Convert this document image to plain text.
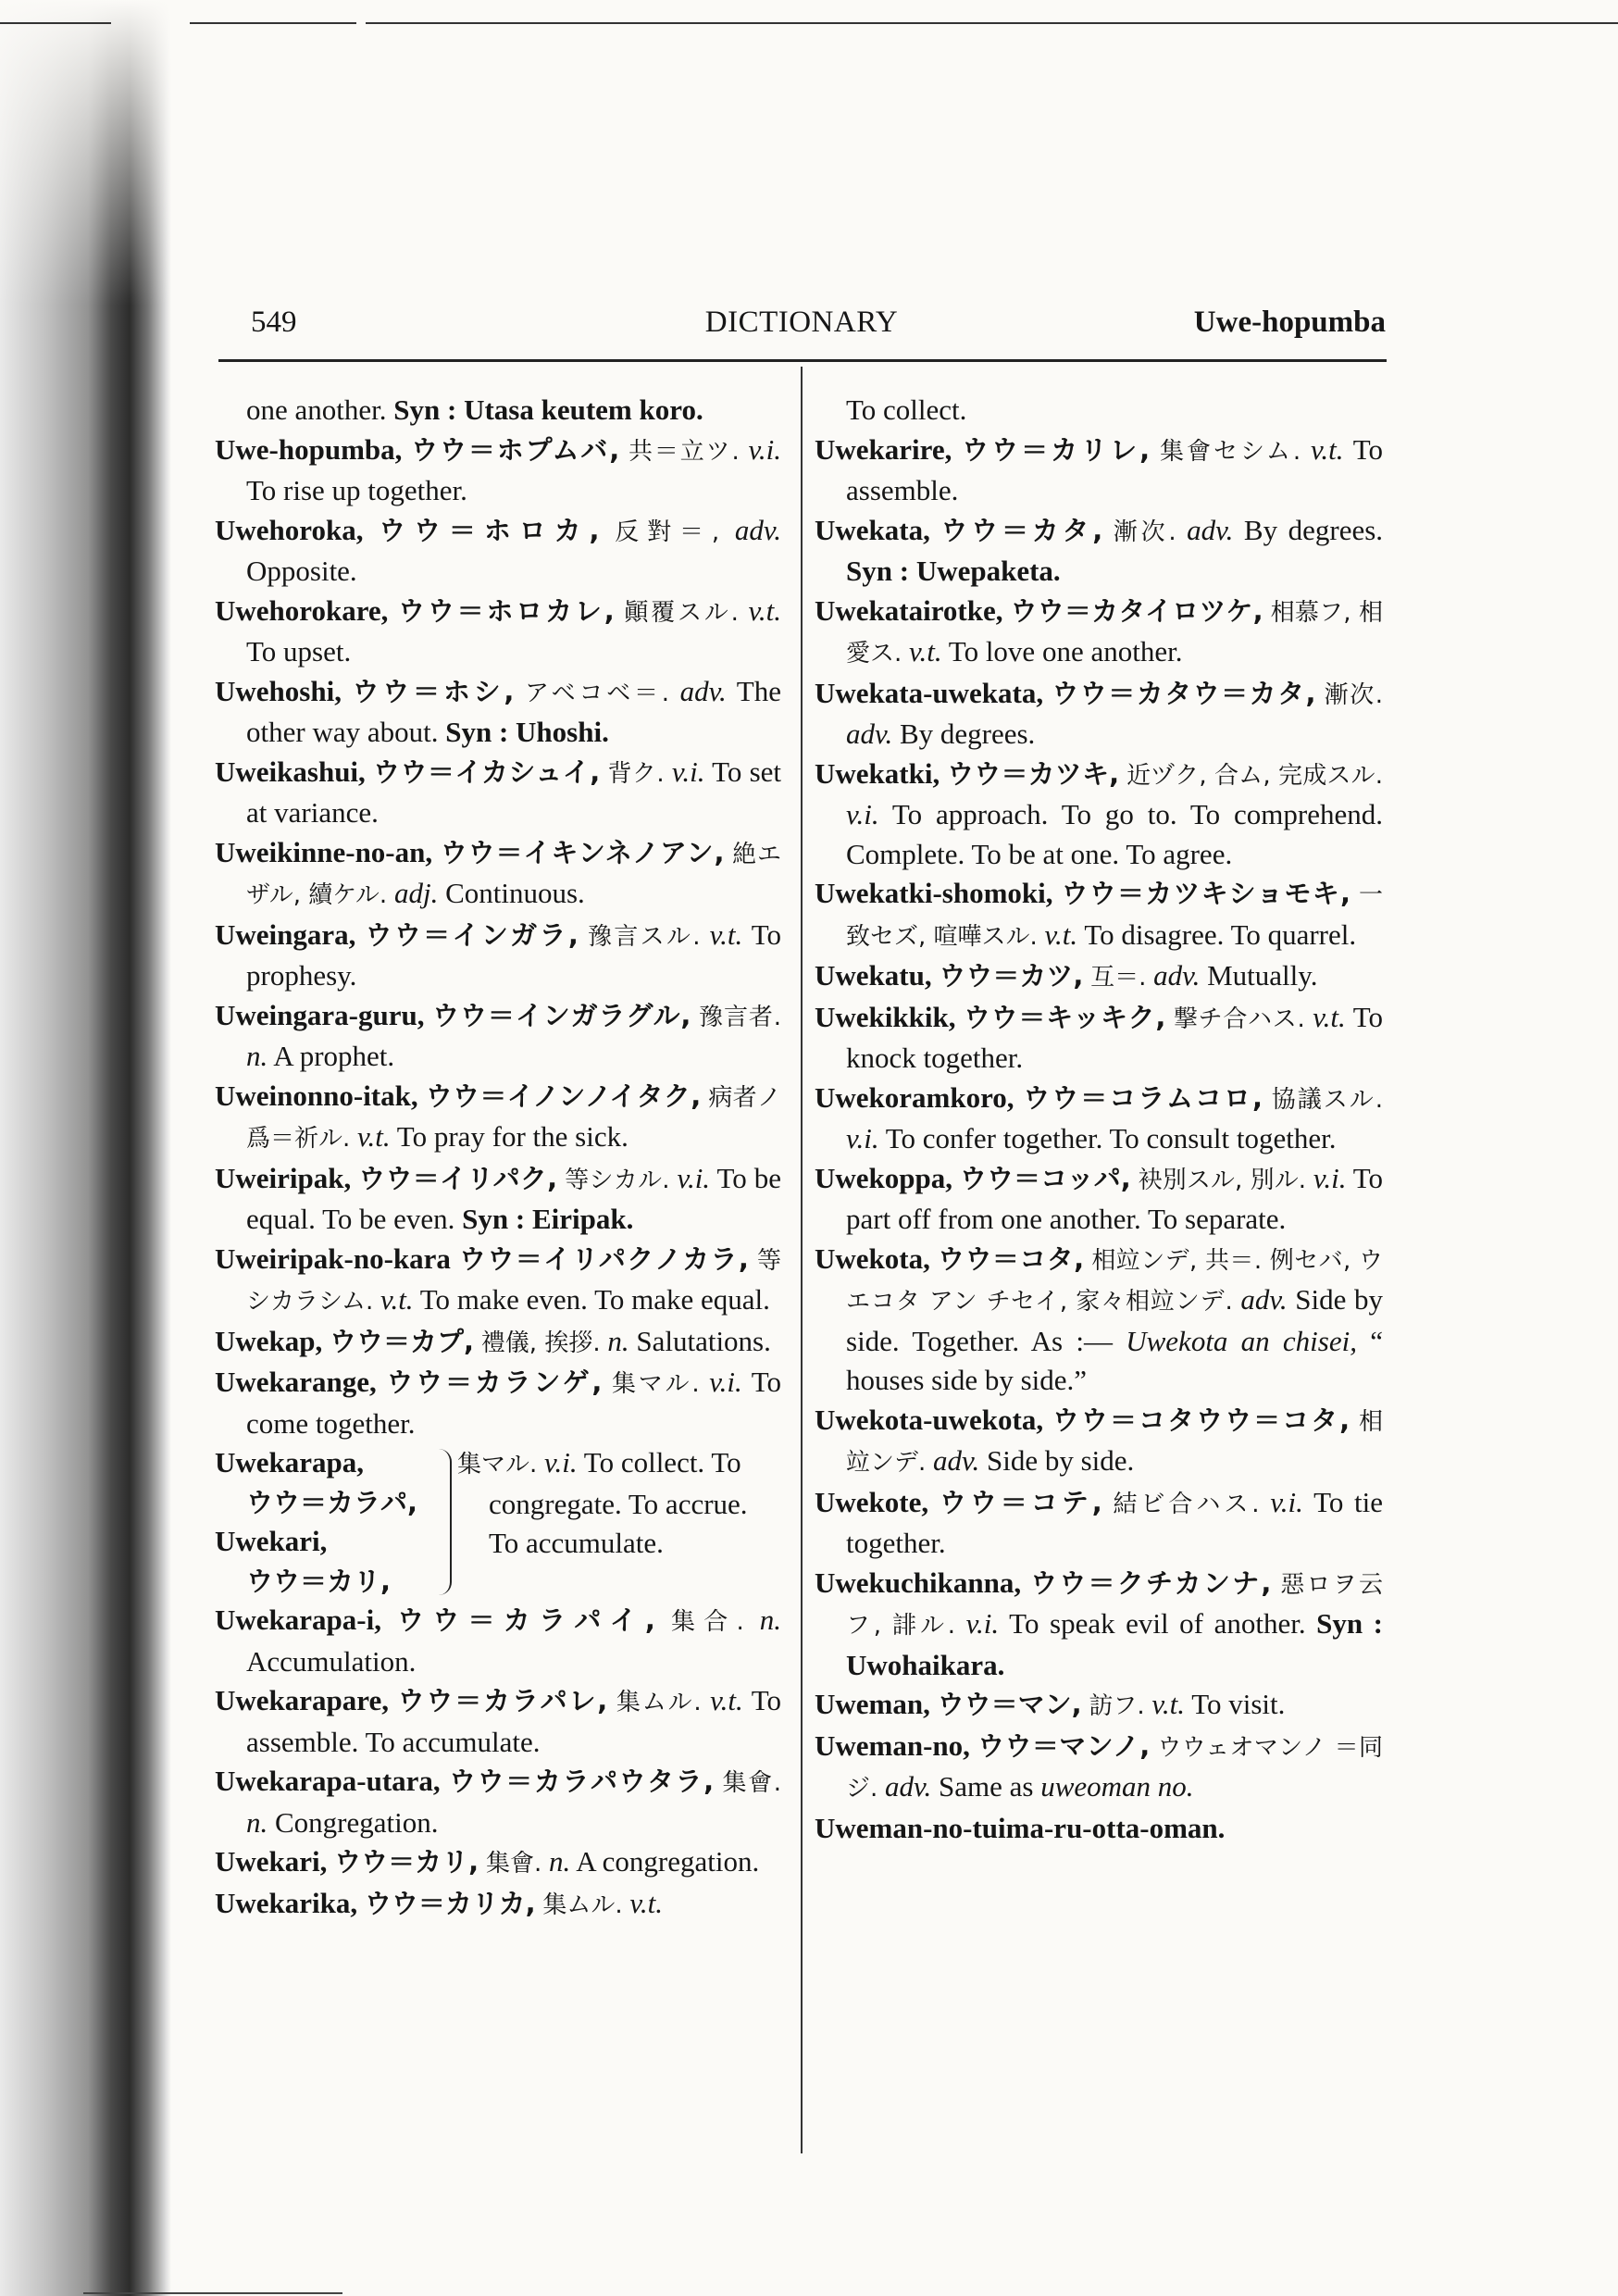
549	DICTIONARY	Uwe-hopumba

one another. Syn : Utasa keutem koro.

Uwe-hopumba, ウウ＝ホプムバ, 共＝立ツ. v.i. To rise up together.

Uwehoroka, ウウ＝ホロカ, 反對＝, adv. Opposite.

Uwehorokare, ウウ＝ホロカレ, 顚覆スル. v.t. To upset.

Uwehoshi, ウウ＝ホシ, アベコベ＝. adv. The other way about. Syn : Uhoshi.

Uweikashui, ウウ＝イカシュイ, 背ク. v.i. To set at variance.

Uweikinne-no-an, ウウ＝イキンネノアン, 絶エザル, 續ケル. adj. Continuous.

Uweingara, ウウ＝インガラ, 豫言スル. v.t. To prophesy.

Uweingara-guru, ウウ＝インガラグル, 豫言者. n. A prophet.

Uweinonno-itak, ウウ＝イノンノイタク, 病者ノ爲＝祈ル. v.t. To pray for the sick.

Uweiripak, ウウ＝イリパク, 等シカル. v.i. To be equal. To be even. Syn : Eiripak.

Uweiripak-no-kara ウウ＝イリパクノカラ, 等シカラシム. v.t. To make even. To make equal.

Uwekap, ウウ＝カプ, 禮儀, 挨拶. n. Salutations.

Uwekarange, ウウ＝カランゲ, 集マル. v.i. To come together.

Uwekarapa,

ウウ＝カラパ,

Uwekari,

ウウ＝カリ,

集マル. v.i. To collect. To congregate. To accrue. To accumulate.

Uwekarapa-i, ウウ＝カラパイ, 集合. n. Accumulation.

Uwekarapare, ウウ＝カラパレ, 集ムル. v.t. To assemble. To accumulate.

Uwekarapa-utara, ウウ＝カラパウタラ, 集會. n. Congregation.

Uwekari, ウウ＝カリ, 集會. n. A congregation.

Uwekarika, ウウ＝カリカ, 集ムル. v.t.

To collect.

Uwekarire, ウウ＝カリレ, 集會セシム. v.t. To assemble.

Uwekata, ウウ＝カタ, 漸次. adv. By degrees. Syn : Uwepaketa.

Uwekatairotke, ウウ＝カタイロツケ, 相慕フ, 相愛ス. v.t. To love one another.

Uwekata-uwekata, ウウ＝カタウ＝カタ, 漸次. adv. By degrees.

Uwekatki, ウウ＝カツキ, 近ヅク, 合ム, 完成スル. v.i. To approach. To go to. To comprehend. Complete. To be at one. To agree.

Uwekatki-shomoki, ウウ＝カツキショモキ, 一致セズ, 喧嘩スル. v.t. To disagree. To quarrel.

Uwekatu, ウウ＝カツ, 互＝. adv. Mutually.

Uwekikkik, ウウ＝キッキク, 撃チ合ハス. v.t. To knock together.

Uwekoramkoro, ウウ＝コラムコロ, 協議スル. v.i. To confer together. To consult together.

Uwekoppa, ウウ＝コッパ, 袂別スル, 別ル. v.i. To part off from one another. To separate.

Uwekota, ウウ＝コタ, 相竝ンデ, 共＝. 例セバ, ウエコタ アン チセイ, 家々相竝ンデ. adv. Side by side. Together. As :— Uwekota an chisei, “ houses side by side.”

Uwekota-uwekota, ウウ＝コタウウ＝コタ, 相竝ンデ. adv. Side by side.

Uwekote, ウウ＝コテ, 結ビ合ハス. v.i. To tie together.

Uwekuchikanna, ウウ＝クチカンナ, 惡ロヲ云フ, 誹ル. v.i. To speak evil of another. Syn : Uwohaikara.

Uweman, ウウ＝マン, 訪フ. v.t. To visit.

Uweman-no, ウウ＝マンノ, ウウェオマンノ ＝同ジ. adv. Same as uweoman no.

Uweman-no-tuima-ru-otta-oman.
